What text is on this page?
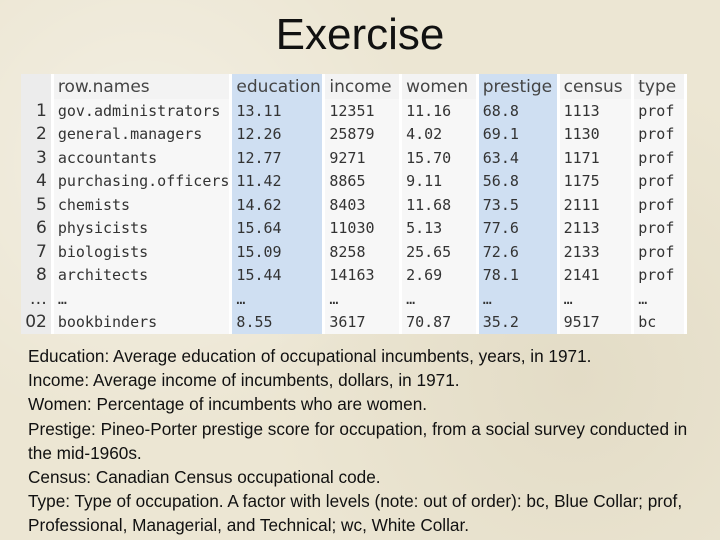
Exercise
	row.names	education	income	women	prestige	census	type
1	gov.administrators	13.11	12351	11.16	68.8	1113	prof
2	general.managers	12.26	25879	4.02	69.1	1130	prof
3	accountants	12.77	9271	15.70	63.4	1171	prof
4	purchasing.officers	11.42	8865	9.11	56.8	1175	prof
5	chemists	14.62	8403	11.68	73.5	2111	prof
6	physicists	15.64	11030	5.13	77.6	2113	prof
7	biologists	15.09	8258	25.65	72.6	2133	prof
8	architects	15.44	14163	2.69	78.1	2141	prof
…	…	…	…	…	…	…	…
02	bookbinders	8.55	3617	70.87	35.2	9517	bc

Education: Average education of occupational incumbents, years, in 1971.

Income: Average income of incumbents, dollars, in 1971.

Women: Percentage of incumbents who are women.

Prestige: Pineo-Porter prestige score for occupation, from a social survey conducted in the mid-1960s.

Census: Canadian Census occupational code.

Type: Type of occupation. A factor with levels (note: out of order): bc, Blue Collar; prof, Professional, Managerial, and Technical; wc, White Collar.
